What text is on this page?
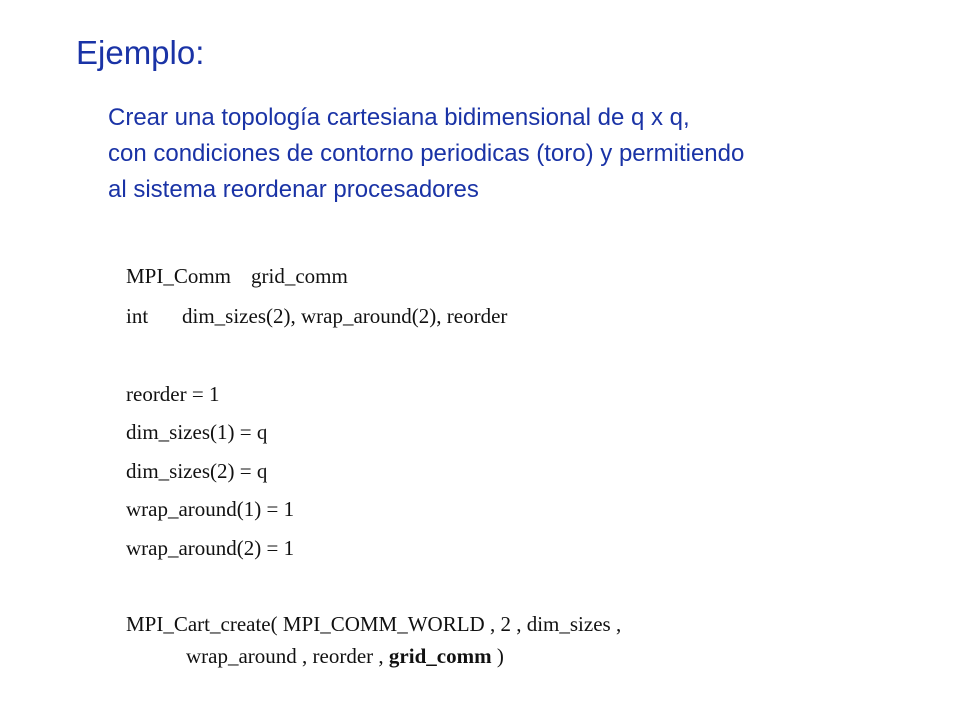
Ejemplo:
Crear una topología cartesiana bidimensional de q x q,
con condiciones de contorno periodicas (toro) y permitiendo
al sistema reordenar procesadores
MPI_Comm grid_comm
int dim_sizes(2), wrap_around(2), reorder
reorder = 1
dim_sizes(1) = q
dim_sizes(2) = q
wrap_around(1) = 1
wrap_around(2) = 1
MPI_Cart_create( MPI_COMM_WORLD , 2 , dim_sizes ,
wrap_around , reorder , grid_comm )
